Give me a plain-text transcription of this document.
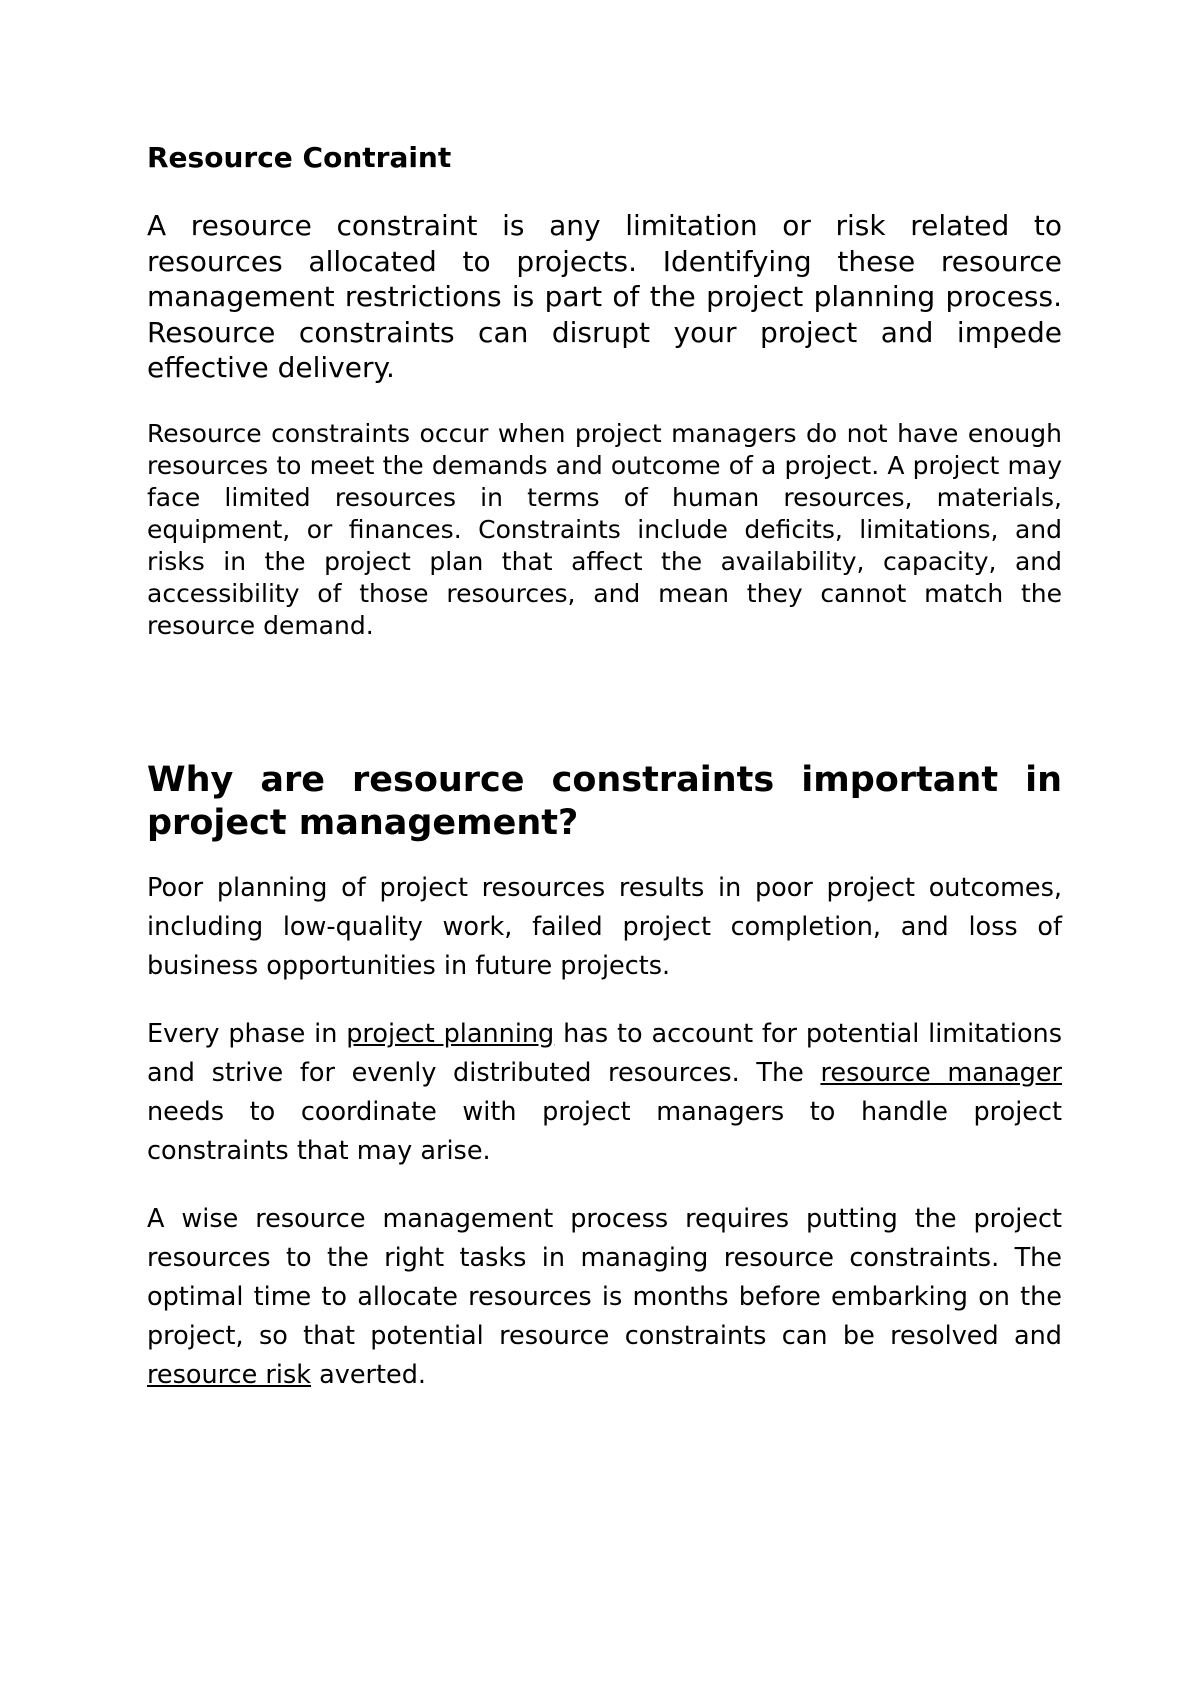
Resource Contraint

A resource constraint is any limitation or risk related to resources allocated to projects. Identifying these resource management restrictions is part of the project planning process. Resource constraints can disrupt your project and impede effective delivery.

Resource constraints occur when project managers do not have enough resources to meet the demands and outcome of a project. A project may face limited resources in terms of human resources, materials, equipment, or finances. Constraints include deficits, limitations, and risks in the project plan that affect the availability, capacity, and accessibility of those resources, and mean they cannot match the resource demand.

Why are resource constraints important in project management?

Poor planning of project resources results in poor project outcomes, including low-quality work, failed project completion, and loss of business opportunities in future projects.

Every phase in project planning has to account for potential limitations and strive for evenly distributed resources. The resource manager needs to coordinate with project managers to handle project constraints that may arise.

A wise resource management process requires putting the project resources to the right tasks in managing resource constraints. The optimal time to allocate resources is months before embarking on the project, so that potential resource constraints can be resolved and resource risk averted.
